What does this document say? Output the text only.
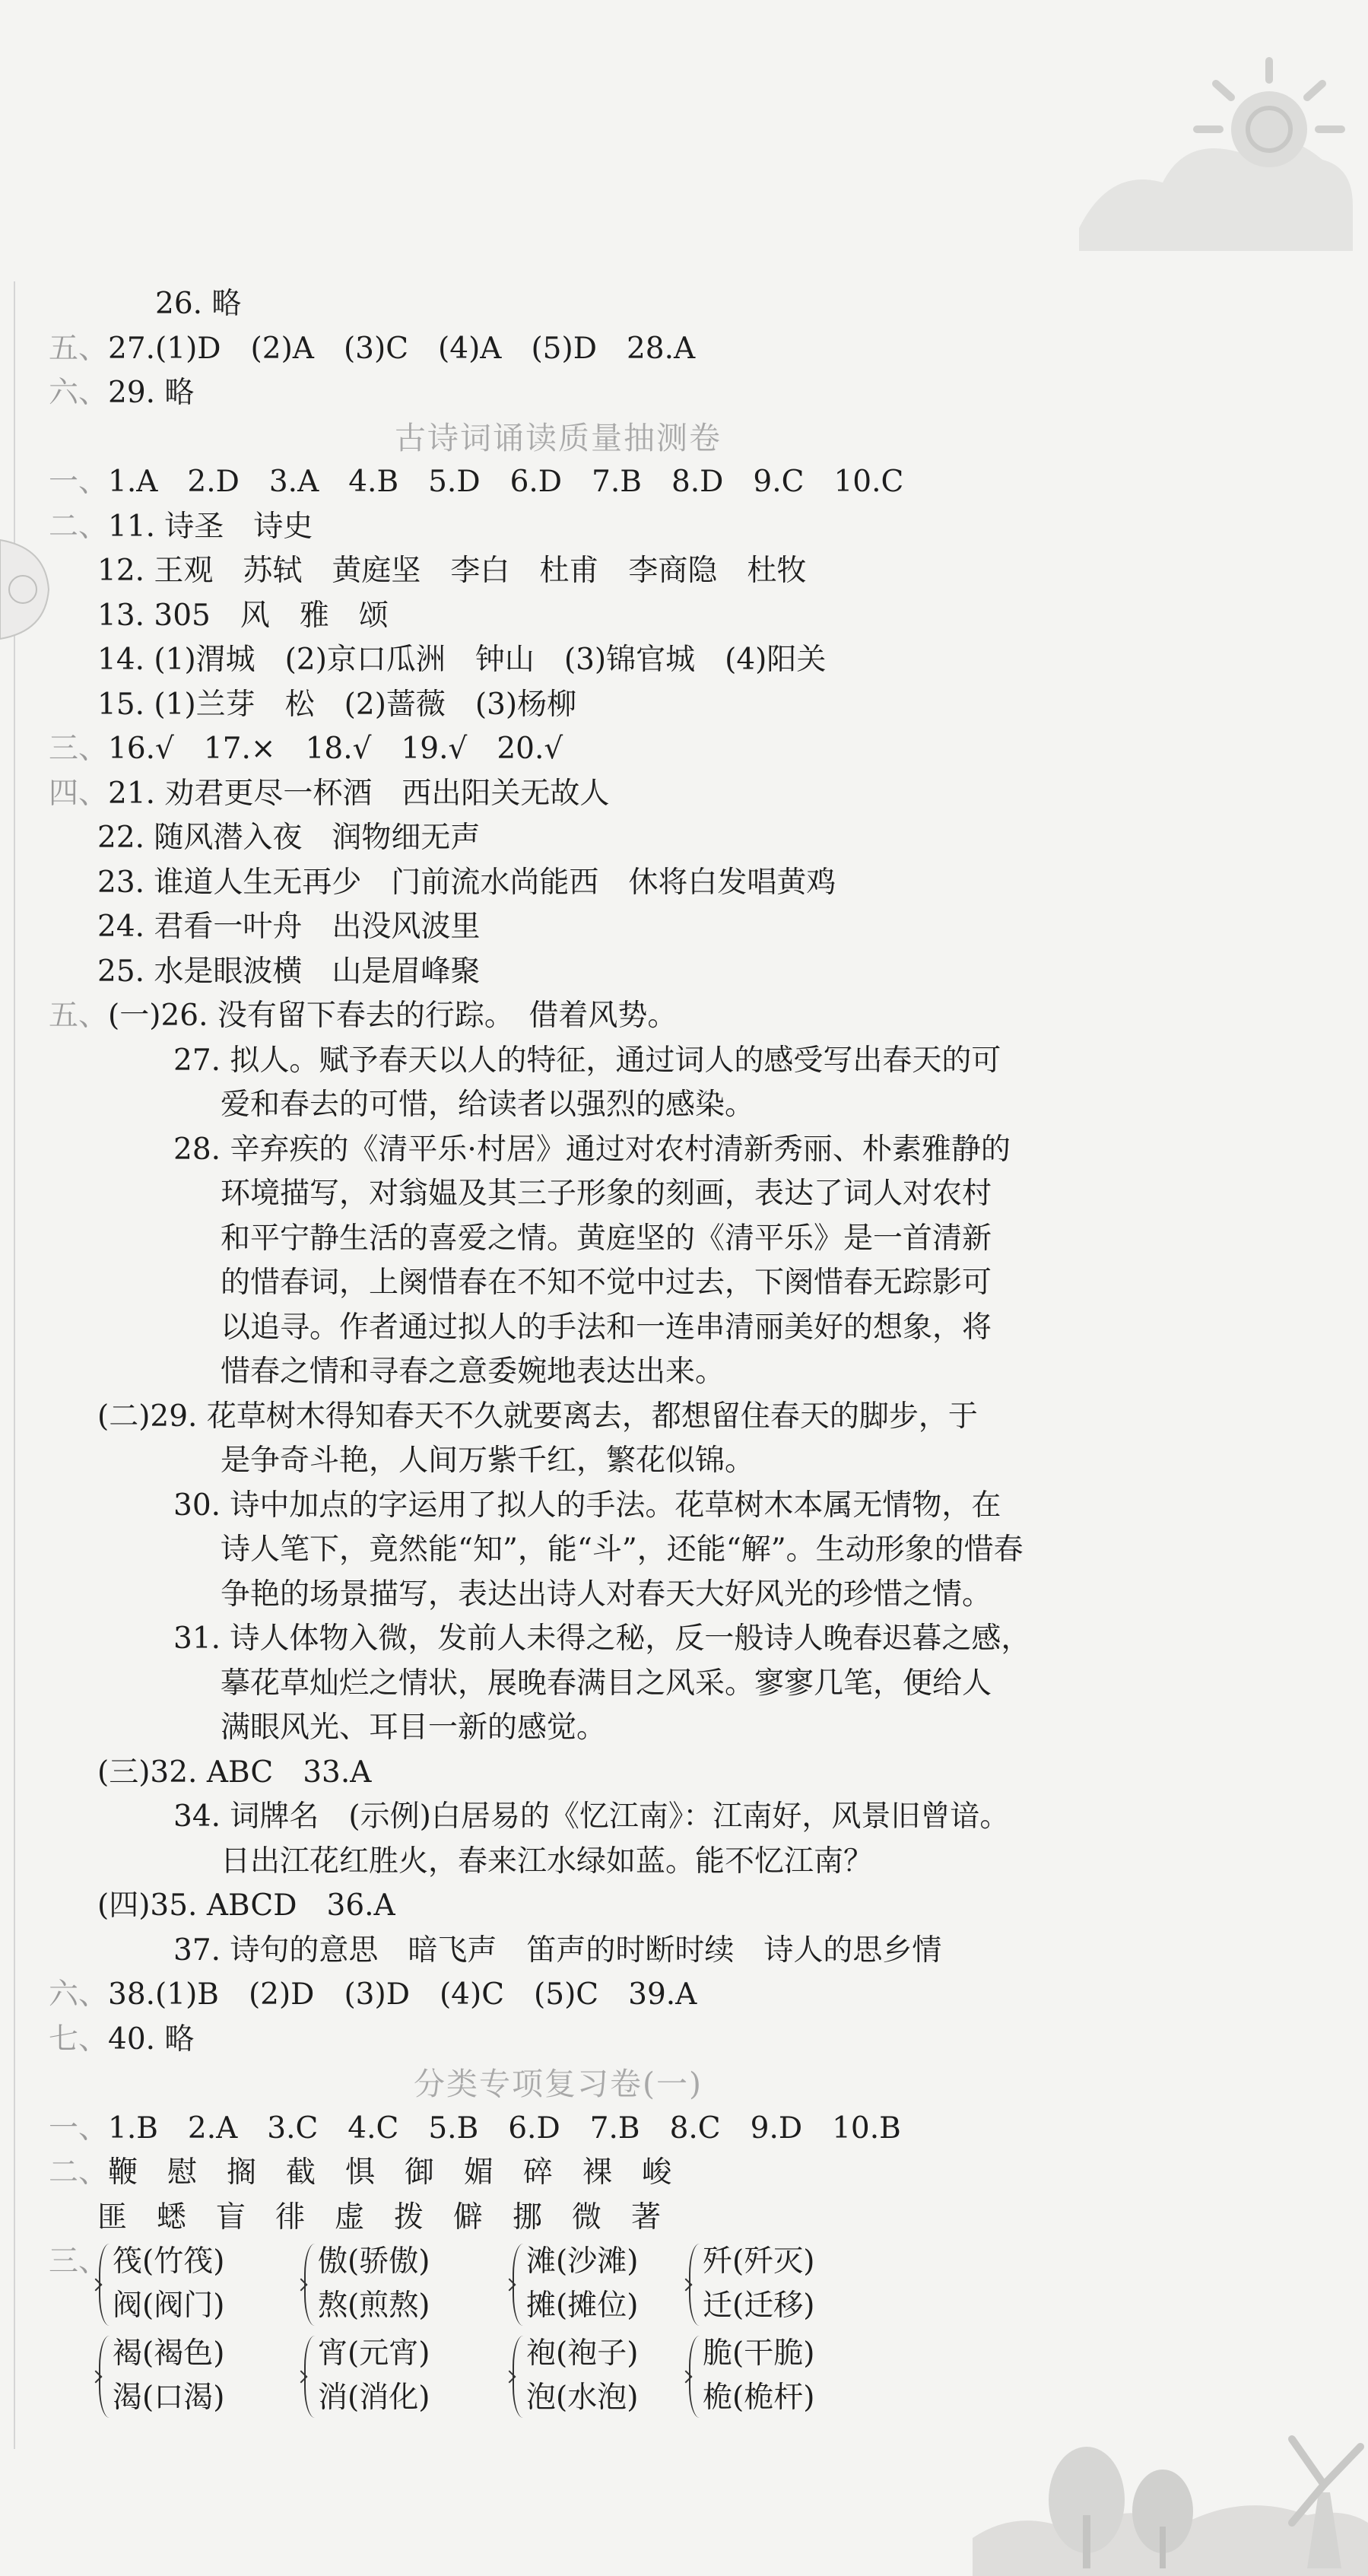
26. 略
五、27.(1)D　(2)A　(3)C　(4)A　(5)D　28.A
六、29. 略
古诗词诵读质量抽测卷
一、1.A　2.D　3.A　4.B　5.D　6.D　7.B　8.D　9.C　10.C
二、11. 诗圣　诗史
12. 王观　苏轼　黄庭坚　李白　杜甫　李商隐　杜牧
13. 305　风　雅　颂
14. (1)渭城　(2)京口瓜洲　钟山　(3)锦官城　(4)阳关
15. (1)兰芽　松　(2)蔷薇　(3)杨柳
三、16.√　17.×　18.√　19.√　20.√
四、21. 劝君更尽一杯酒　西出阳关无故人
22. 随风潜入夜　润物细无声
23. 谁道人生无再少　门前流水尚能西　休将白发唱黄鸡
24. 君看一叶舟　出没风波里
25. 水是眼波横　山是眉峰聚
五、(一)26. 没有留下春去的行踪。　借着风势。
27. 拟人。赋予春天以人的特征，通过词人的感受写出春天的可
爱和春去的可惜，给读者以强烈的感染。
28. 辛弃疾的《清平乐·村居》通过对农村清新秀丽、朴素雅静的
环境描写，对翁媪及其三子形象的刻画，表达了词人对农村
和平宁静生活的喜爱之情。黄庭坚的《清平乐》是一首清新
的惜春词，上阕惜春在不知不觉中过去，下阕惜春无踪影可
以追寻。作者通过拟人的手法和一连串清丽美好的想象，将
惜春之情和寻春之意委婉地表达出来。
(二)29. 花草树木得知春天不久就要离去，都想留住春天的脚步，于
是争奇斗艳，人间万紫千红，繁花似锦。
30. 诗中加点的字运用了拟人的手法。花草树木本属无情物，在
诗人笔下，竟然能“知”，能“斗”，还能“解”。生动形象的惜春
争艳的场景描写，表达出诗人对春天大好风光的珍惜之情。
31. 诗人体物入微，发前人未得之秘，反一般诗人晚春迟暮之感，
摹花草灿烂之情状，展晚春满目之风采。寥寥几笔，便给人
满眼风光、耳目一新的感觉。
(三)32. ABC　33.A
34. 词牌名　(示例)白居易的《忆江南》：江南好，风景旧曾谙。
日出江花红胜火，春来江水绿如蓝。能不忆江南？
(四)35. ABCD　36.A
37. 诗句的意思　暗飞声　笛声的时断时续　诗人的思乡情
六、38.(1)B　(2)D　(3)D　(4)C　(5)C　39.A
七、40. 略
分类专项复习卷(一)
一、1.B　2.A　3.C　4.C　5.B　6.D　7.B　8.C　9.D　10.B
二、鞭　慰　搁　截　惧　御　媚　碎　裸　峻
匪　蟋　盲　徘　虚　拨　僻　挪　微　著
三、 筏(竹筏)
阀(阀门)
傲(骄傲)
熬(煎熬)
滩(沙滩)
摊(摊位)
歼(歼灭)
迁(迁移)
褐(褐色)
渴(口渴)
宵(元宵)
消(消化)
袍(袍子)
泡(水泡)
脆(干脆)
桅(桅杆)
